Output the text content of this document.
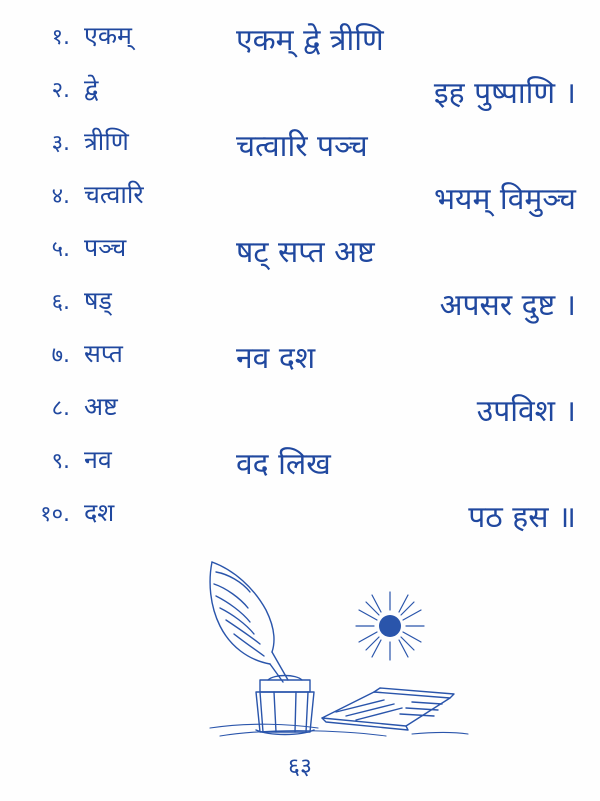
१. एकम्
२. द्वे
३. त्रीणि
४. चत्वारि
५. पञ्च
६. षड्
७. सप्त
८. अष्ट
९. नव
१०. दश
एकम् द्वे त्रीणि
इह पुष्पाणि ।
चत्वारि पञ्च
भयम् विमुञ्च
षट् सप्त अष्ट
अपसर दुष्ट ।
नव दश
उपविश ।
वद लिख
पठ हस ॥
६३
